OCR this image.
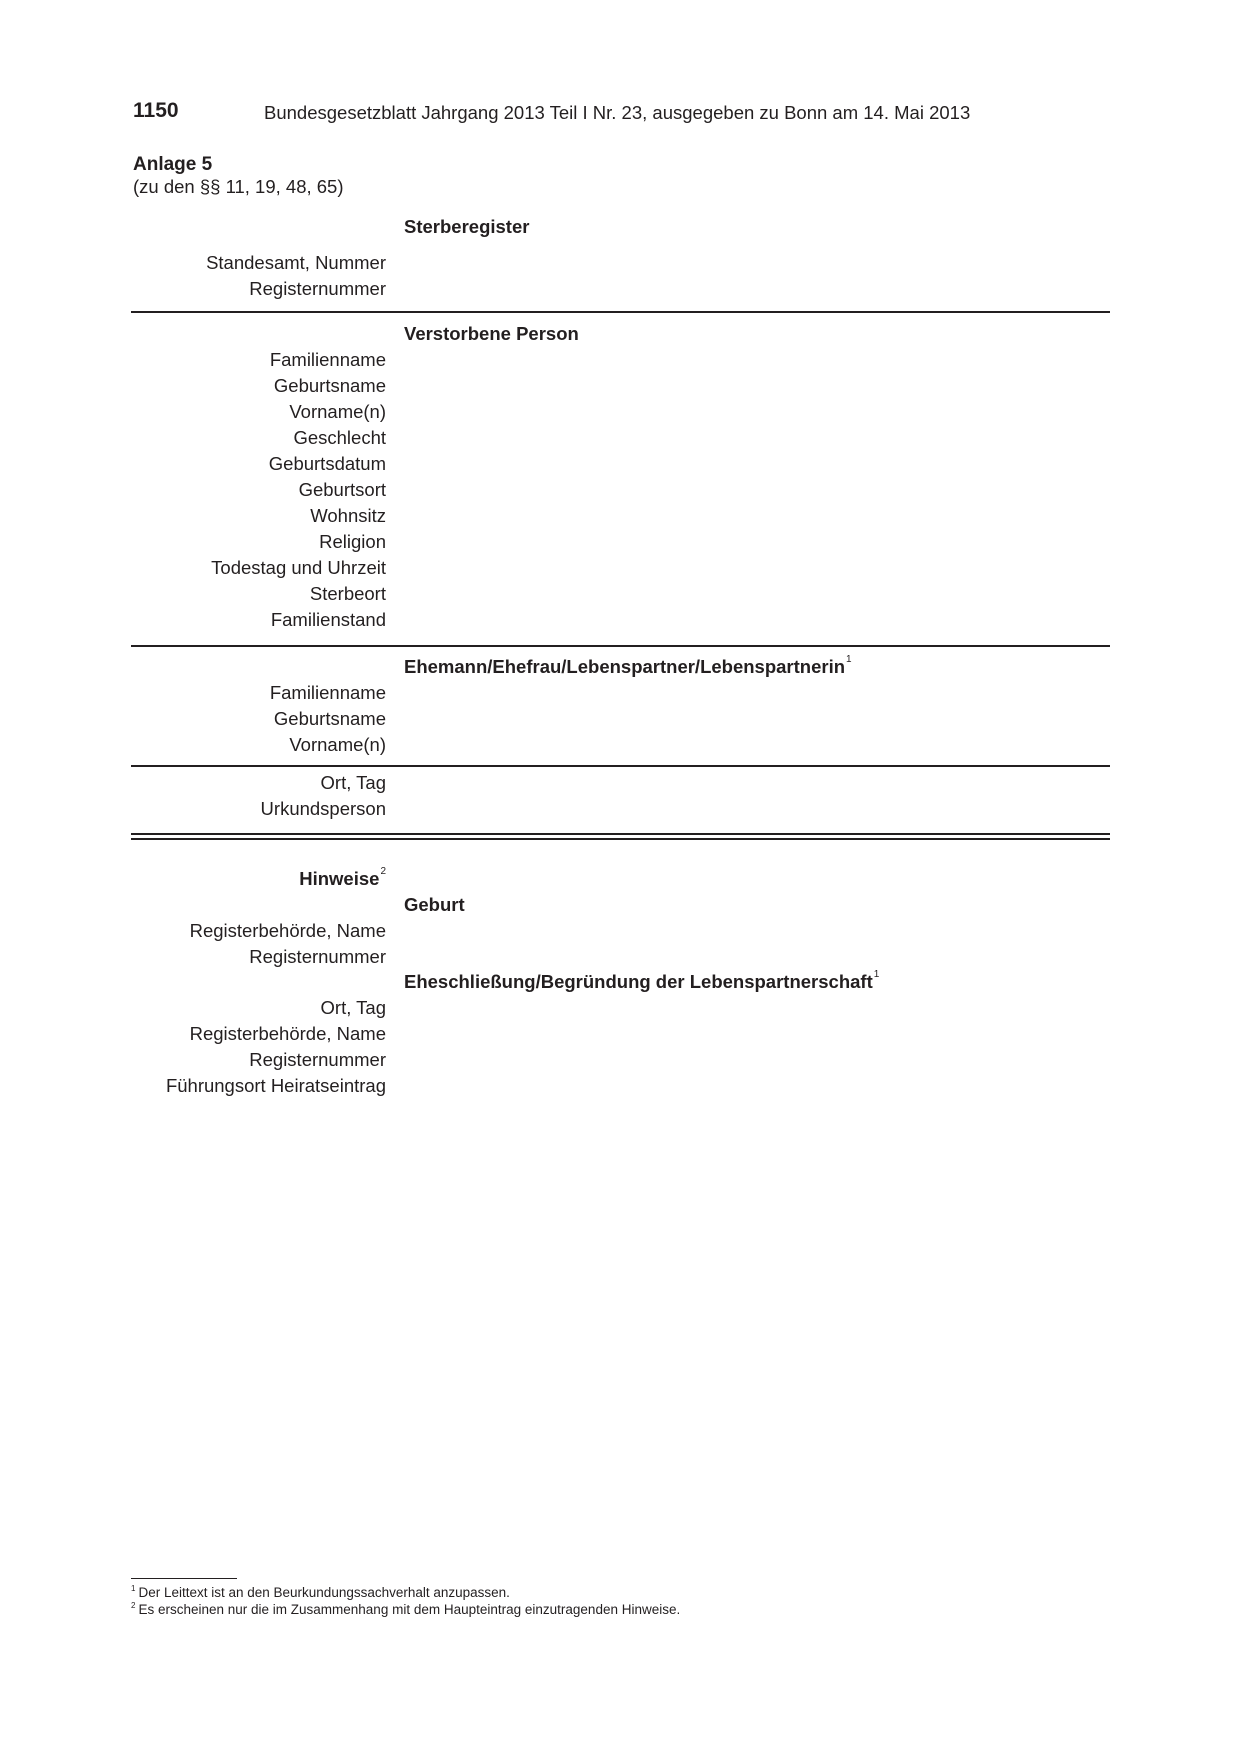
1150	Bundesgesetzblatt Jahrgang 2013 Teil I Nr. 23, ausgegeben zu Bonn am 14. Mai 2013
Anlage 5
(zu den §§ 11, 19, 48, 65)
Sterberegister
Standesamt, Nummer
Registernummer
Verstorbene Person
Familienname
Geburtsname
Vorname(n)
Geschlecht
Geburtsdatum
Geburtsort
Wohnsitz
Religion
Todestag und Uhrzeit
Sterbeort
Familienstand
Ehemann/Ehefrau/Lebenspartner/Lebenspartnerin$^1$
Familienname
Geburtsname
Vorname(n)
Ort, Tag
Urkundsperson
Hinweise$^2$
Geburt
Registerbehörde, Name
Registernummer
Eheschließung/Begründung der Lebenspartnerschaft$^1$
Ort, Tag
Registerbehörde, Name
Registernummer
Führungsort Heiratseintrag
$^1$ Der Leittext ist an den Beurkundungssachverhalt anzupassen.
$^2$ Es erscheinen nur die im Zusammenhang mit dem Haupteintrag einzutragenden Hinweise.
